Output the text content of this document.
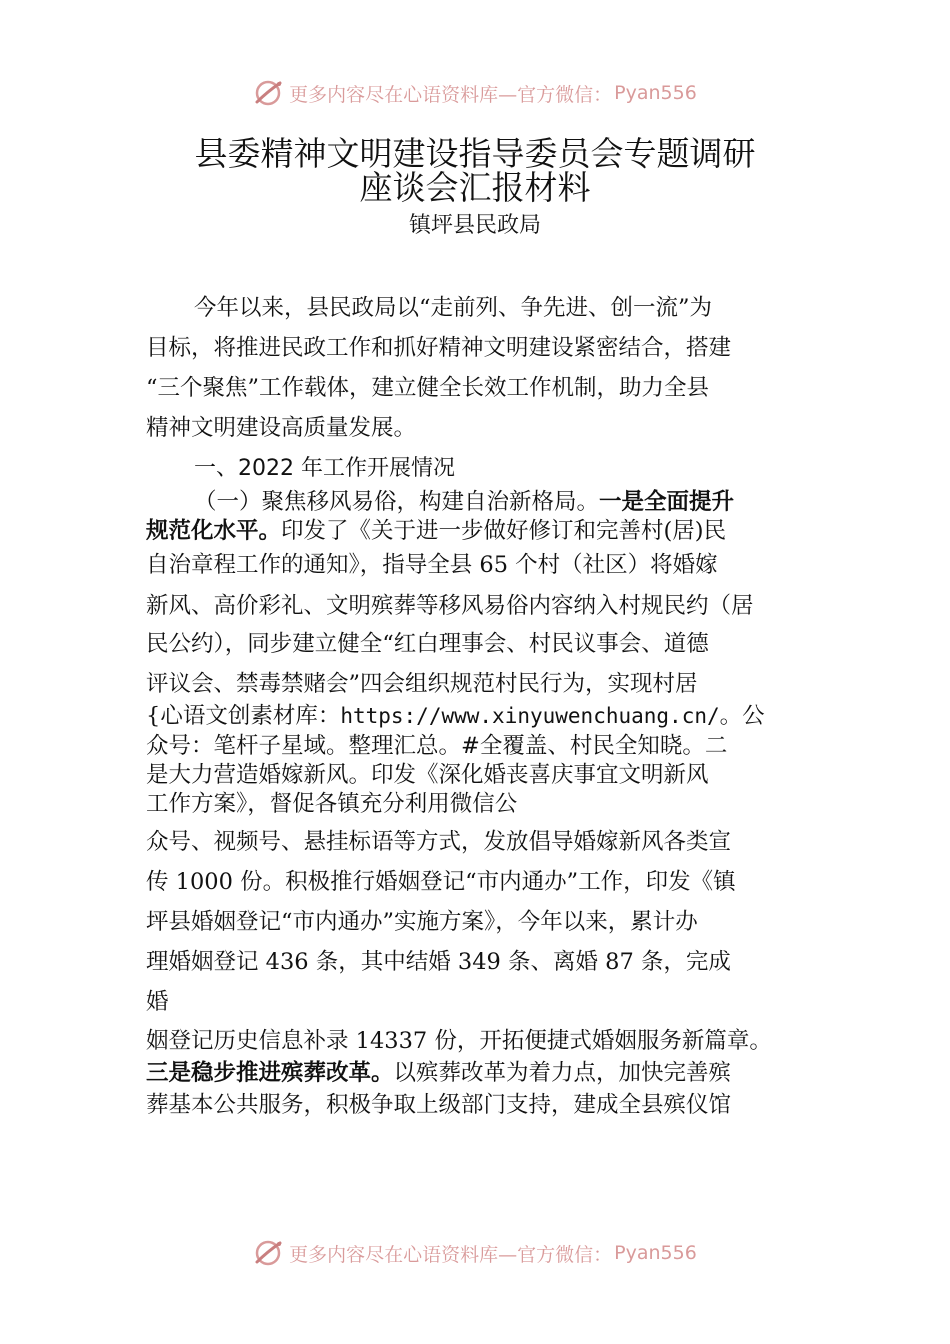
更多内容尽在心语资料库—官方微信： Pyan556
县委精神文明建设指导委员会专题调研
座谈会汇报材料
镇坪县民政局
今年以来，县民政局以“走前列、争先进、创一流”为
目标，将推进民政工作和抓好精神文明建设紧密结合，搭建
“三个聚焦”工作载体，建立健全长效工作机制，助力全县
精神文明建设高质量发展。
一、2022 年工作开展情况
（一）聚焦移风易俗，构建自治新格局。一是全面提升
规范化水平。印发了《关于进一步做好修订和完善村(居)民
自治章程工作的通知》，指导全县 65 个村（社区）将婚嫁
新风、高价彩礼、文明殡葬等移风易俗内容纳入村规民约（居
民公约），同步建立健全“红白理事会、村民议事会、道德
评议会、禁毒禁赌会”四会组织规范村民行为，实现村居
{心语文创素材库：https://www.xinyuwenchuang.cn/。公
众号：笔杆子星域。整理汇总。#全覆盖、村民全知晓。二
是大力营造婚嫁新风。印发《深化婚丧喜庆事宜文明新风
工作方案》，督促各镇充分利用微信公
众号、视频号、悬挂标语等方式，发放倡导婚嫁新风各类宣
传 1000 份。积极推行婚姻登记“市内通办”工作，印发《镇
坪县婚姻登记“市内通办”实施方案》，今年以来，累计办
理婚姻登记 436 条，其中结婚 349 条、离婚 87 条，完成
婚
姻登记历史信息补录 14337 份，开拓便捷式婚姻服务新篇章。
三是稳步推进殡葬改革。以殡葬改革为着力点，加快完善殡
葬基本公共服务，积极争取上级部门支持，建成全县殡仪馆
更多内容尽在心语资料库—官方微信： Pyan556
